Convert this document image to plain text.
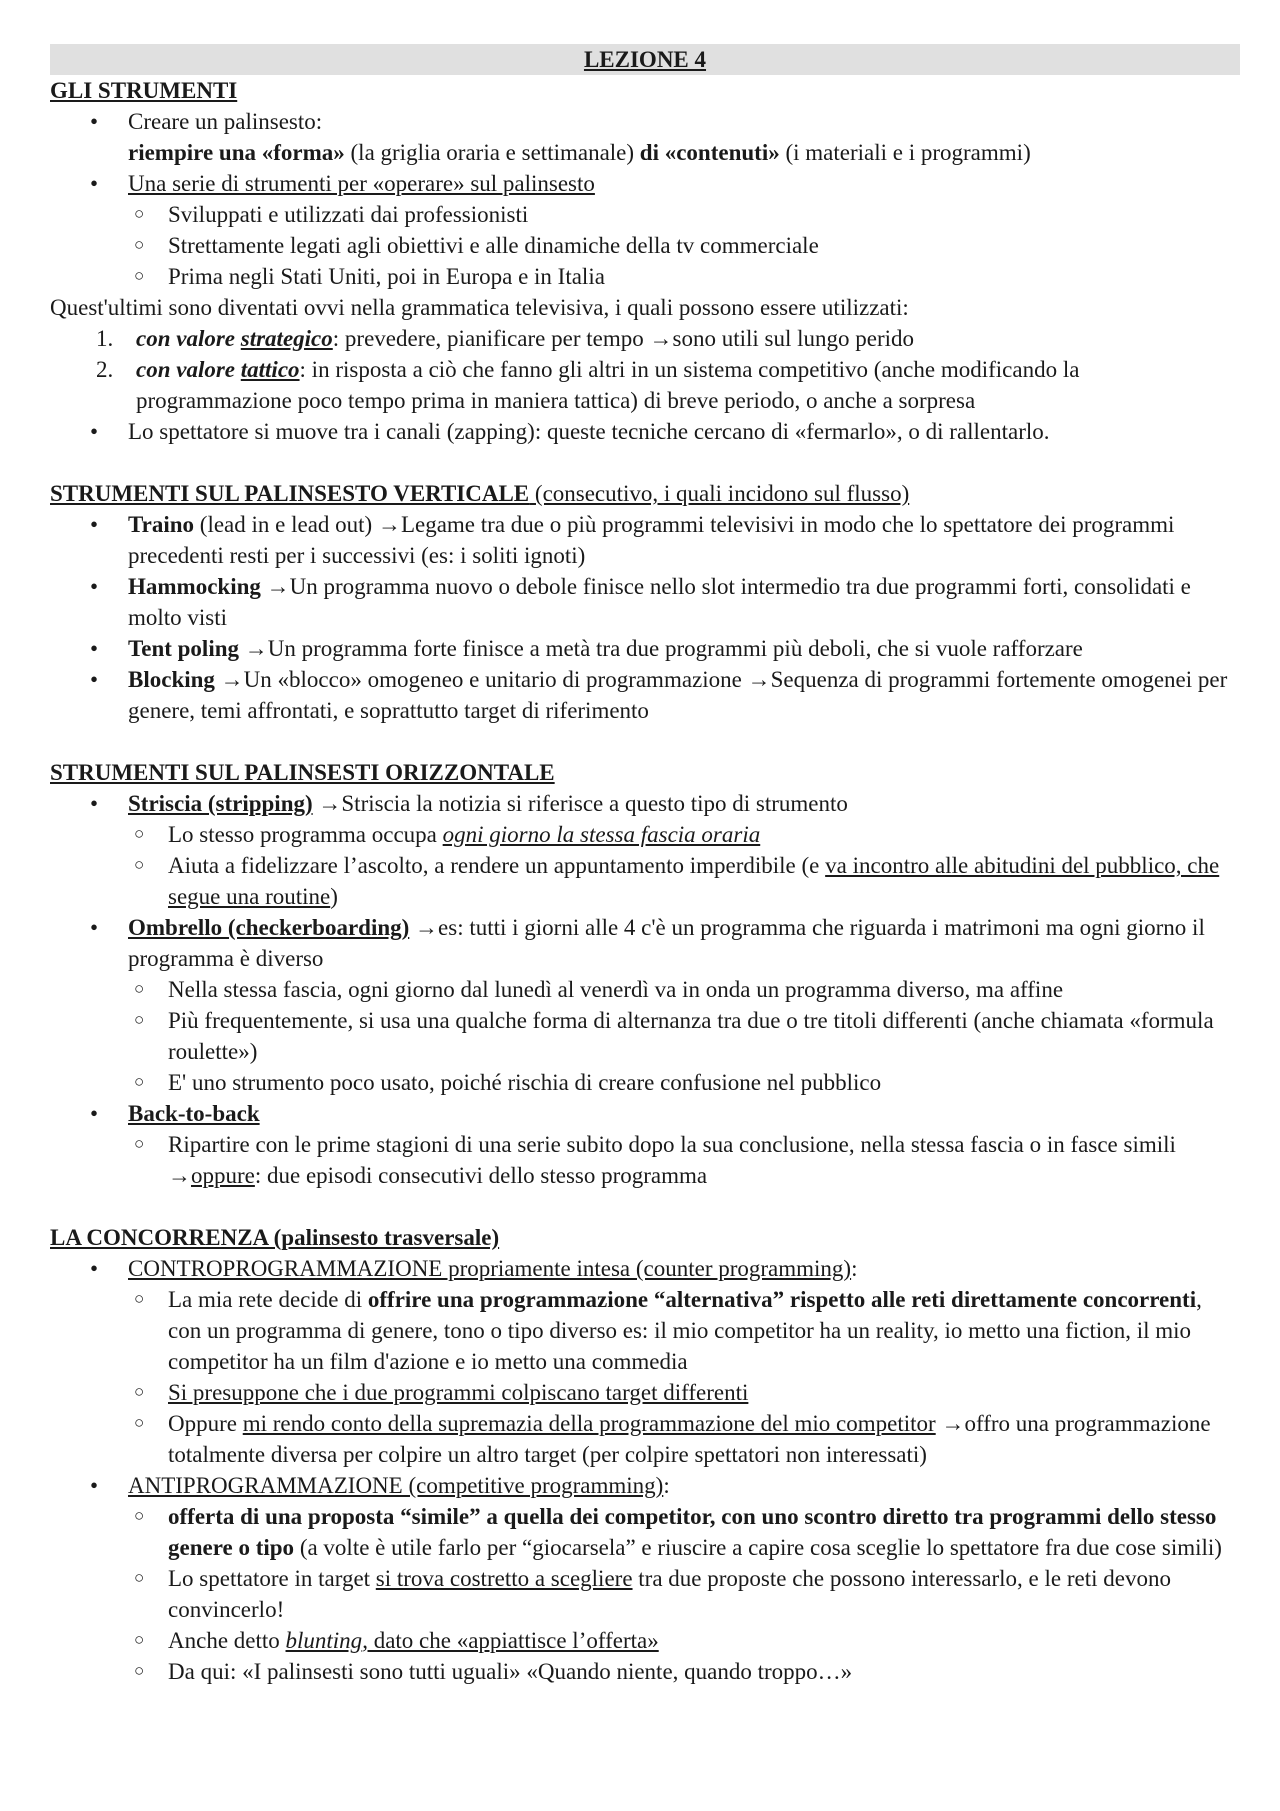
LEZIONE 4
GLI STRUMENTI
• Creare un palinsesto:
riempire una «forma» (la griglia oraria e settimanale) di «contenuti» (i materiali e i programmi)
• Una serie di strumenti per «operare» sul palinsesto
○ Sviluppati e utilizzati dai professionisti
○ Strettamente legati agli obiettivi e alle dinamiche della tv commerciale
○ Prima negli Stati Uniti, poi in Europa e in Italia
Quest'ultimi sono diventati ovvi nella grammatica televisiva, i quali possono essere utilizzati:
1. con valore strategico: prevedere, pianificare per tempo →sono utili sul lungo perido
2. con valore tattico: in risposta a ciò che fanno gli altri in un sistema competitivo (anche modificando la programmazione poco tempo prima in maniera tattica) di breve periodo, o anche a sorpresa
• Lo spettatore si muove tra i canali (zapping): queste tecniche cercano di «fermarlo», o di rallentarlo.
STRUMENTI SUL PALINSESTO VERTICALE (consecutivo, i quali incidono sul flusso)
• Traino (lead in e lead out) →Legame tra due o più programmi televisivi in modo che lo spettatore dei programmi precedenti resti per i successivi (es: i soliti ignoti)
• Hammocking →Un programma nuovo o debole finisce nello slot intermedio tra due programmi forti, consolidati e molto visti
• Tent poling →Un programma forte finisce a metà tra due programmi più deboli, che si vuole rafforzare
• Blocking →Un «blocco» omogeneo e unitario di programmazione →Sequenza di programmi fortemente omogenei per genere, temi affrontati, e soprattutto target di riferimento
STRUMENTI SUL PALINSESTI ORIZZONTALE
• Striscia (stripping) →Striscia la notizia si riferisce a questo tipo di strumento
○ Lo stesso programma occupa ogni giorno la stessa fascia oraria
○ Aiuta a fidelizzare l’ascolto, a rendere un appuntamento imperdibile (e va incontro alle abitudini del pubblico, che segue una routine)
• Ombrello (checkerboarding) →es: tutti i giorni alle 4 c'è un programma che riguarda i matrimoni ma ogni giorno il programma è diverso
○ Nella stessa fascia, ogni giorno dal lunedì al venerdì va in onda un programma diverso, ma affine
○ Più frequentemente, si usa una qualche forma di alternanza tra due o tre titoli differenti (anche chiamata «formula roulette»)
○ E' uno strumento poco usato, poiché rischia di creare confusione nel pubblico
• Back-to-back
○ Ripartire con le prime stagioni di una serie subito dopo la sua conclusione, nella stessa fascia o in fasce simili →oppure: due episodi consecutivi dello stesso programma
LA CONCORRENZA (palinsesto trasversale)
• CONTROPROGRAMMAZIONE propriamente intesa (counter programming):
○ La mia rete decide di offrire una programmazione “alternativa” rispetto alle reti direttamente concorrenti, con un programma di genere, tono o tipo diverso es: il mio competitor ha un reality, io metto una fiction, il mio competitor ha un film d'azione e io metto una commedia
○ Si presuppone che i due programmi colpiscano target differenti
○ Oppure mi rendo conto della supremazia della programmazione del mio competitor →offro una programmazione totalmente diversa per colpire un altro target (per colpire spettatori non interessati)
• ANTIPROGRAMMAZIONE (competitive programming):
○ offerta di una proposta “simile” a quella dei competitor, con uno scontro diretto tra programmi dello stesso genere o tipo (a volte è utile farlo per “giocarsela” e riuscire a capire cosa sceglie lo spettatore fra due cose simili)
○ Lo spettatore in target si trova costretto a scegliere tra due proposte che possono interessarlo, e le reti devono convincerlo!
○ Anche detto blunting, dato che «appiattisce l’offerta»
○ Da qui: «I palinsesti sono tutti uguali» «Quando niente, quando troppo…»
